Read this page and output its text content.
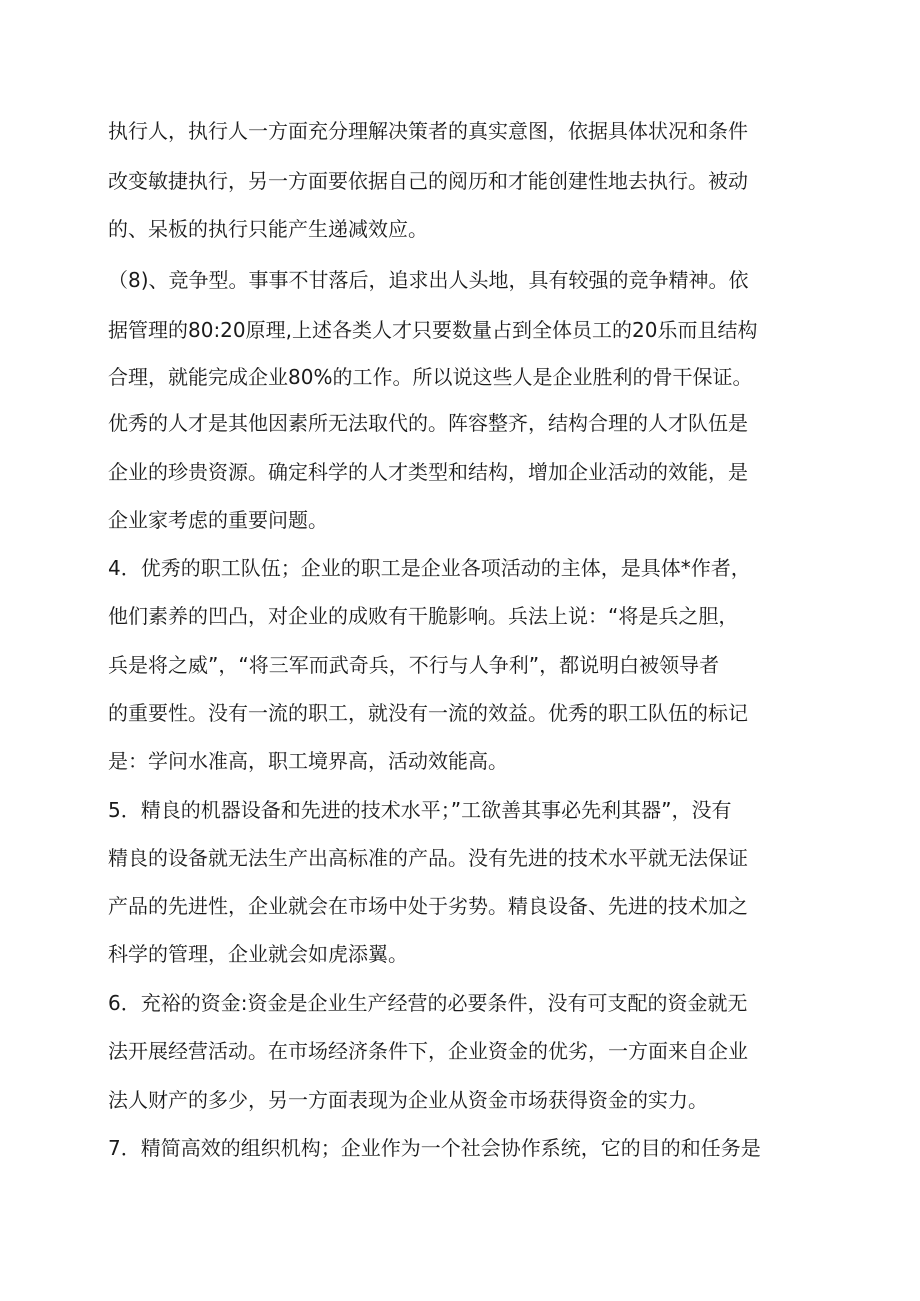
执行人，执行人一方面充分理解决策者的真实意图，依据具体状况和条件
改变敏捷执行，另一方面要依据自己的阅历和才能创建性地去执行。被动
的、呆板的执行只能产生递减效应。
（8)、竞争型。事事不甘落后，追求出人头地，具有较强的竞争精神。依
据管理的80:20原理,上述各类人才只要数量占到全体员工的20乐而且结构
合理，就能完成企业80%的工作。所以说这些人是企业胜利的骨干保证。
优秀的人才是其他因素所无法取代的。阵容整齐，结构合理的人才队伍是
企业的珍贵资源。确定科学的人才类型和结构，增加企业活动的效能，是
企业家考虑的重要问题。
4．优秀的职工队伍；企业的职工是企业各项活动的主体，是具体*作者，
他们素养的凹凸，对企业的成败有干脆影响。兵法上说：“将是兵之胆，
兵是将之威”，“将三军而武奇兵，不行与人争利”，都说明白被领导者
的重要性。没有一流的职工，就没有一流的效益。优秀的职工队伍的标记
是：学问水准高，职工境界高，活动效能高。
5．精良的机器设备和先进的技术水平；”工欲善其事必先利其器”，没有
精良的设备就无法生产出高标准的产品。没有先进的技术水平就无法保证
产品的先进性，企业就会在市场中处于劣势。精良设备、先进的技术加之
科学的管理，企业就会如虎添翼。
6．充裕的资金:资金是企业生产经营的必要条件，没有可支配的资金就无
法开展经营活动。在市场经济条件下，企业资金的优劣，一方面来自企业
法人财产的多少，另一方面表现为企业从资金市场获得资金的实力。
7．精简高效的组织机构；企业作为一个社会协作系统，它的目的和任务是
